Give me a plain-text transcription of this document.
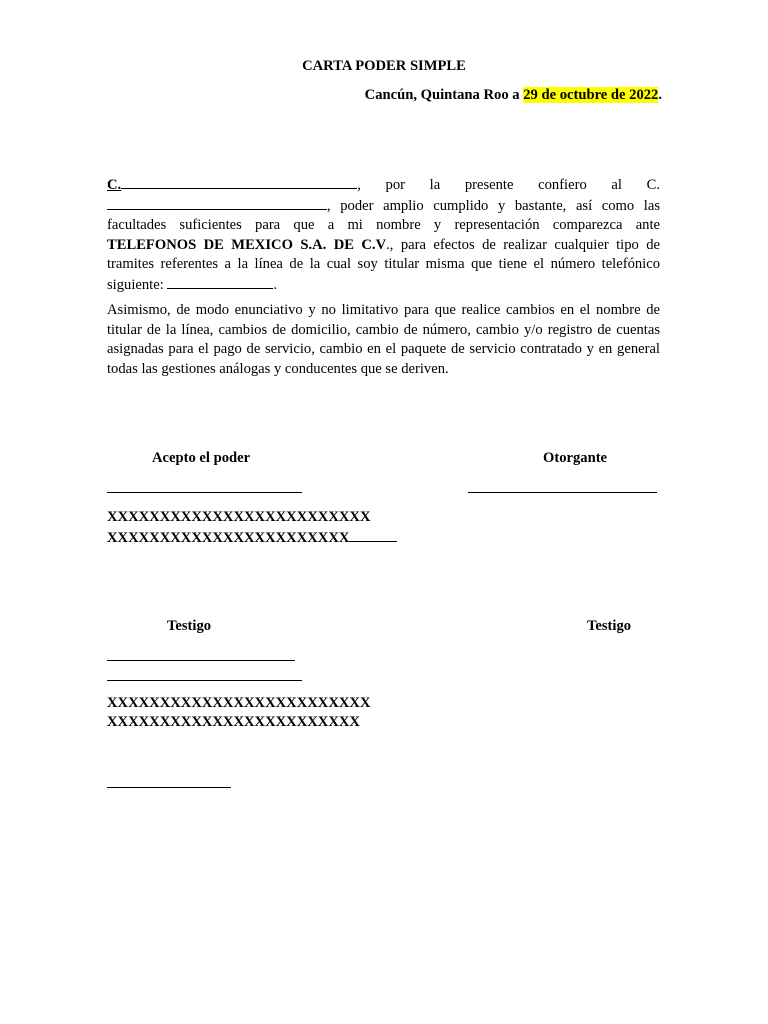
CARTA PODER SIMPLE
Cancún, Quintana Roo a 29 de octubre de 2022.
C.	, por la presente confiero al C.
, poder amplio cumplido y bastante, así como las
facultades suficientes para que a mi nombre y representación comparezca ante
TELEFONOS DE MEXICO S.A. DE C.V., para efectos de realizar cualquier tipo de
tramites referentes a la línea de la cual soy titular misma que tiene el número telefónico
siguiente:	.
Asimismo, de modo enunciativo y no limitativo para que realice cambios en el nombre de titular de la línea, cambios de domicilio, cambio de número, cambio y/o registro de cuentas asignadas para el pago de servicio, cambio en el paquete de servicio contratado y en general todas las gestiones análogas y conducentes que se deriven.
Acepto el poder	Otorgante
XXXXXXXXXXXXXXXXXXXXXXXXX
XXXXXXXXXXXXXXXXXXXXXXX
Testigo	Testigo
XXXXXXXXXXXXXXXXXXXXXXXXX
XXXXXXXXXXXXXXXXXXXXXXXX
